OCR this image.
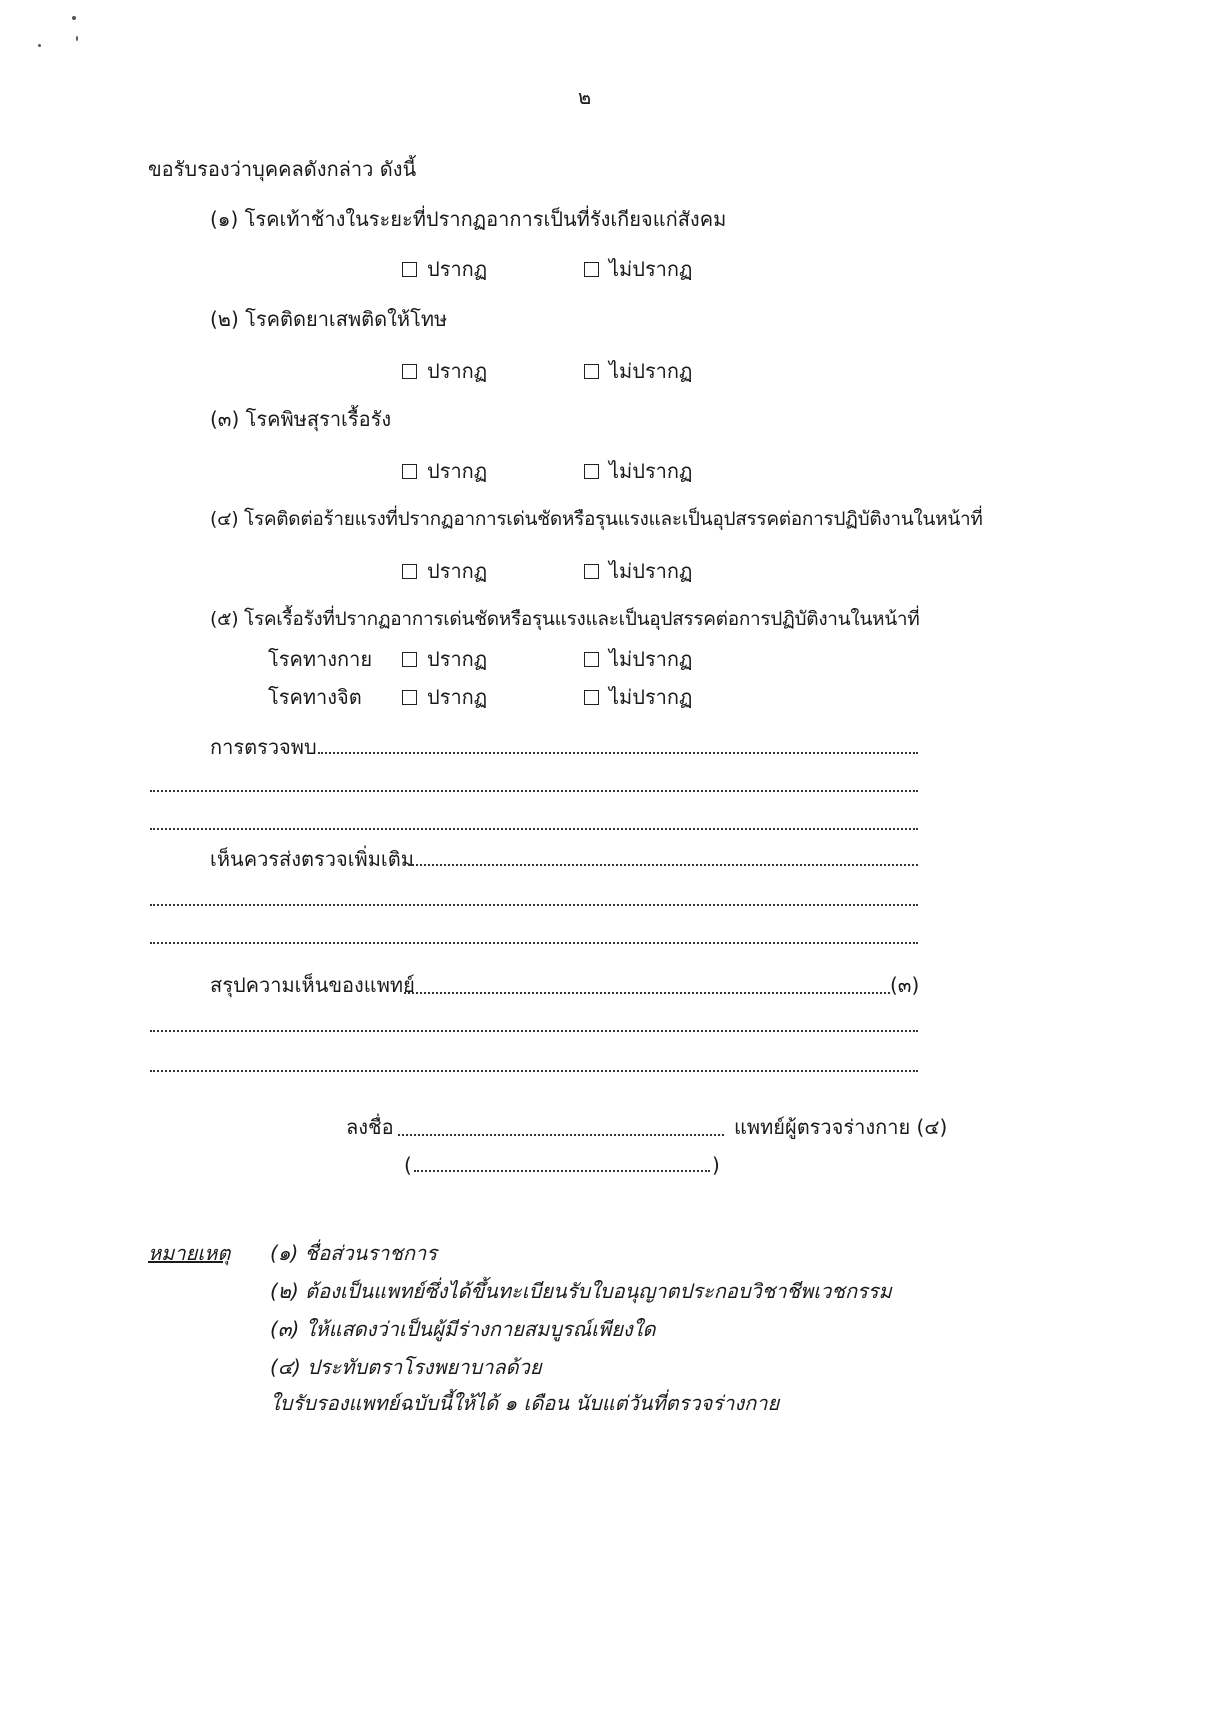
๒
ขอรับรองว่าบุคคลดังกล่าว ดังนี้
(๑) โรคเท้าช้างในระยะที่ปรากฏอาการเป็นที่รังเกียจแก่สังคม
ปรากฏ	ไม่ปรากฏ
(๒) โรคติดยาเสพติดให้โทษ
ปรากฏ	ไม่ปรากฏ
(๓) โรคพิษสุราเรื้อรัง
ปรากฏ	ไม่ปรากฏ
(๔) โรคติดต่อร้ายแรงที่ปรากฏอาการเด่นชัดหรือรุนแรงและเป็นอุปสรรคต่อการปฏิบัติงานในหน้าที่
ปรากฏ	ไม่ปรากฏ
(๕) โรคเรื้อรังที่ปรากฏอาการเด่นชัดหรือรุนแรงและเป็นอุปสรรคต่อการปฏิบัติงานในหน้าที่
โรคทางกาย	ปรากฏ	ไม่ปรากฏ
โรคทางจิต	ปรากฏ	ไม่ปรากฏ
การตรวจพบ
เห็นควรส่งตรวจเพิ่มเติม
สรุปความเห็นของแพทย์	(๓)
ลงชื่อ	แพทย์ผู้ตรวจร่างกาย (๔)
(	)
หมายเหตุ (๑) ชื่อส่วนราชการ
(๒) ต้องเป็นแพทย์ซึ่งได้ขึ้นทะเบียนรับใบอนุญาตประกอบวิชาชีพเวชกรรม
(๓) ให้แสดงว่าเป็นผู้มีร่างกายสมบูรณ์เพียงใด
(๔) ประทับตราโรงพยาบาลด้วย
ใบรับรองแพทย์ฉบับนี้ให้ได้ ๑ เดือน นับแต่วันที่ตรวจร่างกาย
